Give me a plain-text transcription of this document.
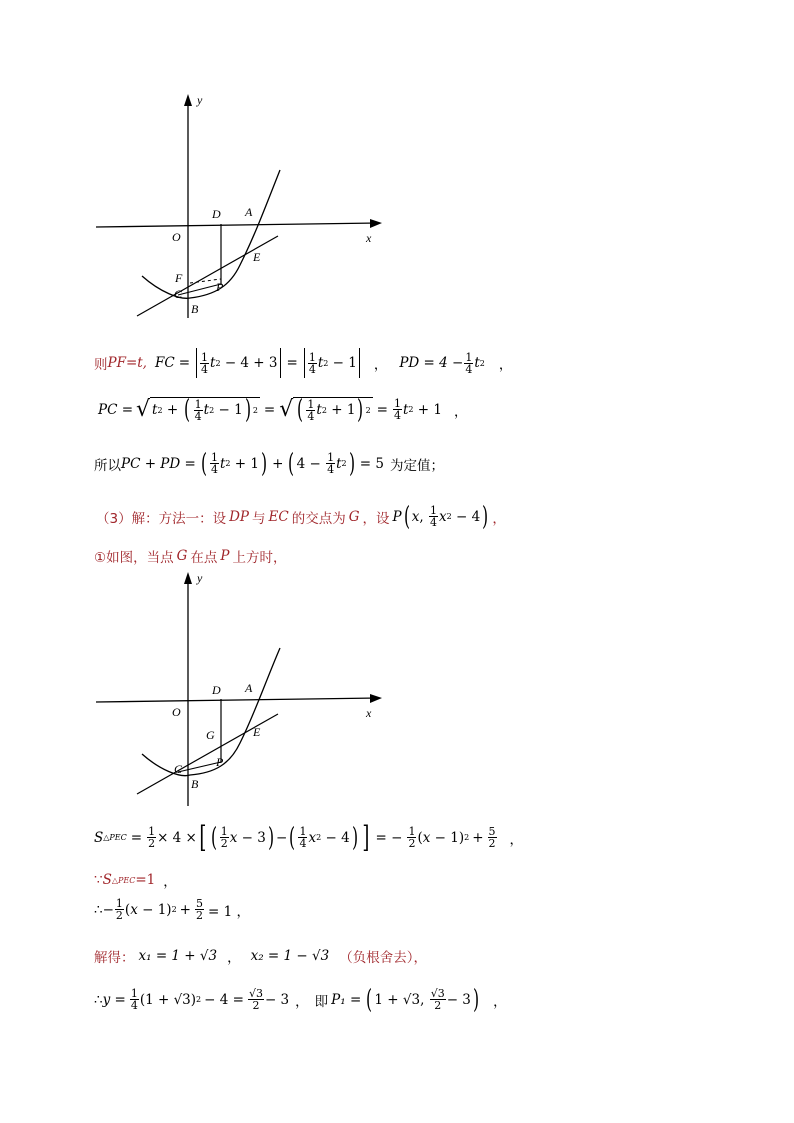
y
x
O
D A
E
F
C	P
B
则 PF=t, FC = $\frac{1}{4}$ t $2 - 4 + 3 = \frac{1}{4}$ t 2 − 1 ， PD = $4 - \frac{1}{4}$ t 2 ，
PC = √ t 2 + ( $\frac{1}{4}$ t 2 − 1 ) 2 = √ ( $\frac{1}{4}$ t 2 + 1 ) $2 = \frac{1}{4}$ t 2 + 1 ，
所以 PC + PD = ( $\frac{1}{4}$ t 2 + 1 ) + ( $4 - \frac{1}{4}$ t 2 ) = 5 为定值；
（3）解：方法一：设 DP 与 EC 的交点为 G ，设 P ( x , $\frac{1}{4}$ x 2 − 4 ) ，
①如图，当点 G 在点 P 上方时，
y
x
O
D A
E
G
C	P
B
S △PEC = $\frac{1}{2} \times 4$ × [ ( $\frac{1}{2}$ x − 3 ) − ( $\frac{1}{4}$ x 2 − 4 ) ] = − $\frac{1}{2} (x - 1) 2 + \frac{5}{2}$ ，
∵ S △PEC =1 ，
∴ − $\frac{1}{2} (x - 1) 2 + \frac{5}{2} = 1$ ，
解得： x₁ = 1 + √3 ， x₂ = 1 − √3 （负根舍去），
∴ $y = \frac{1}{4} (1 + √3) 2 - 4 = \frac{√3}{2} - 3$ ， 即 P₁ = ( 1 + √3, $\frac{√3}{2} - 3$ ) ，
